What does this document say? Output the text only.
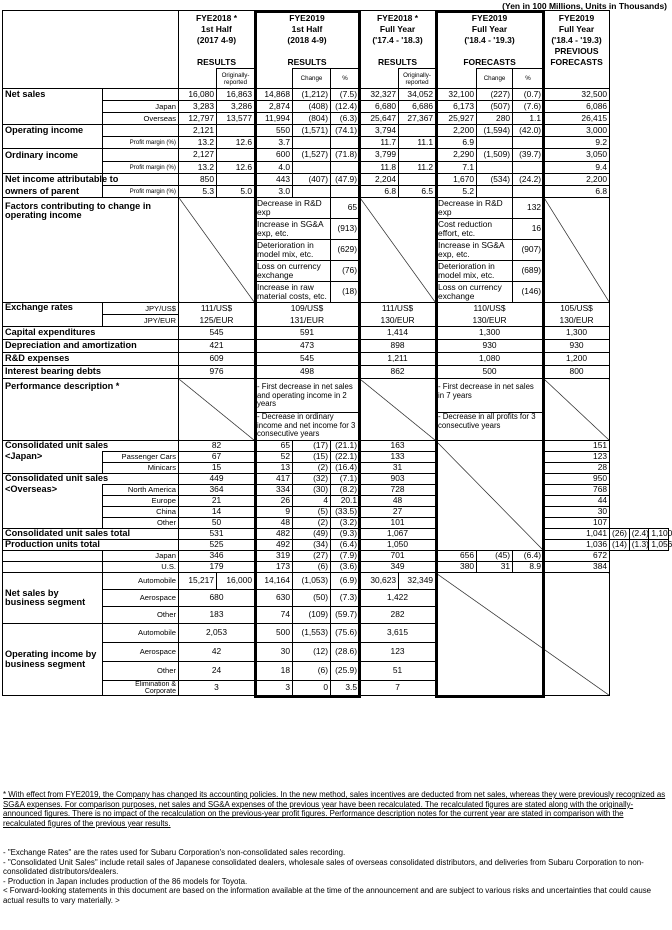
(Yen in 100 Millions, Units in Thousands)
		FYE2018 *
1st Half
(2017 4-9)

RESULTS		FYE2019
1st Half
(2018 4-9)

RESULTS			FYE2018 *
Full Year
('17.4 - '18.3)

RESULTS		FYE2019
Full Year
('18.4 - '19.3)

FORECASTS			FYE2019
Full Year
('18.4 - '19.3)
PREVIOUS
FORECASTS			
			Originally-reported		Change	%		Originally-reported		Change	%				
Net sales		16,080	16,863	14,868	(1,212)	(7.5)	32,327	34,052	32,100	(227)	(0.7)	32,500			
	Japan	3,283	3,286	2,874	(408)	(12.4)	6,680	6,686	6,173	(507)	(7.6)	6,086			
	Overseas	12,797	13,577	11,994	(804)	(6.3)	25,647	27,367	25,927	280	1.1	26,415			
Operating income		2,121		550	(1,571)	(74.1)	3,794		2,200	(1,594)	(42.0)	3,000			
	Profit margin (%)	13.2	12.6	3.7			11.7	11.1	6.9			9.2			
Ordinary income		2,127		600	(1,527)	(71.8)	3,799		2,290	(1,509)	(39.7)	3,050			
	Profit margin (%)	13.2	12.6	4.0			11.8	11.2	7.1			9.4			
Net income attributable to		850		443	(407)	(47.9)	2,204		1,670	(534)	(24.2)	2,200			
owners of parent	Profit margin (%)	5.3	5.0	3.0			6.8	6.5	5.2			6.8			
Factors contributing to change in operating income				Decrease in R&D exp		65			Decrease in R&D exp		132				
				Increase in SG&A exp, etc.		(913)			Cost reduction effort, etc.		16				
				Deterioration in model mix, etc.		(629)			Increase in SG&A exp, etc.		(907)				
				Loss on currency exchange		(76)			Deterioration in model mix, etc.		(689)				
				Increase in raw material costs, etc.		(18)			Loss on currency exchange		(146)				
Exchange rates	JPY/US$	111/US$		109/US$			111/US$		110/US$			105/US$			
	JPY/EUR	125/EUR		131/EUR			130/EUR		130/EUR			130/EUR			
Capital expenditures		545		591			1,414		1,300			1,300			
Depreciation and amortization		421		473			898		930			930			
R&D expenses		609		545			1,211		1,080			1,200			
Interest bearing debts		976		498			862		500			800			
Performance description *				- First decrease in net sales and operating income in 2 years					- First decrease in net sales in 7 years						
				- Decrease in ordinary income and net income for 3 consecutive years					- Decrease in all profits for 3 consecutive years						
Consolidated unit sales		82		65	(17)	(21.1)	163					151			
<Japan>	Passenger Cars	67		52	(15)	(22.1)	133					123			
	Minicars	15		13	(2)	(16.4)	31					28			
Consolidated unit sales		449		417	(32)	(7.1)	903					950			
<Overseas>	North America	364		334	(30)	(8.2)	728					768			
	Europe	21		26	4	20.1	48					44			
	China	14		9	(5)	(33.5)	27					30			
	Other	50		48	(2)	(3.2)	101					107			
Consolidated unit sales total		531		482	(49)	(9.3)	1,067					1,041	(26)	(2.4)	1,100
Production units total		525		492	(34)	(6.4)	1,050					1,036	(14)	(1.3)	1,056
	Japan	346		319	(27)	(7.9)	701		656	(45)	(6.4)	672			
	U.S.	179		173	(6)	(3.6)	349		380	31	8.9	384			
Net sales by business segment	Automobile	15,217	16,000	14,164	(1,053)	(6.9)	30,623	32,349							
	Aerospace	680		630	(50)	(7.3)	1,422								
	Other	183		74	(109)	(59.7)	282								
Operating income by business segment	Automobile	2,053		500	(1,553)	(75.6)	3,615								
	Aerospace	42		30	(12)	(28.6)	123								
	Other	24		18	(6)	(25.9)	51								
	Elimination & Corporate	3		3	0	3.5	7								

* With effect from FYE2019, the Company has changed its accounting policies. In the new method, sales incentives are deducted from net sales, whereas they were previously recognized as SG&A expenses. For comparison purposes, net sales and SG&A expenses of the previous year have been recalculated. The recalculated figures are stated along with the originally-announced figures. There is no impact of the recalculation on the previous-year profit figures. Performance description notes for the current year are stated in comparison with the recalculated figures of the previous year results.

- "Exchange Rates" are the rates used for Subaru Corporation's non-consolidated sales recording.

- "Consolidated Unit Sales" include retail sales of Japanese consolidated dealers, wholesale sales of overseas consolidated distributors, and deliveries from Subaru Corporation to non-consolidated distributors/dealers.

- Production in Japan includes production of the 86 models for Toyota.

< Forward-looking statements in this document are based on the information available at the time of the announcement and are subject to various risks and uncertainties that could cause actual results to vary materially. >
